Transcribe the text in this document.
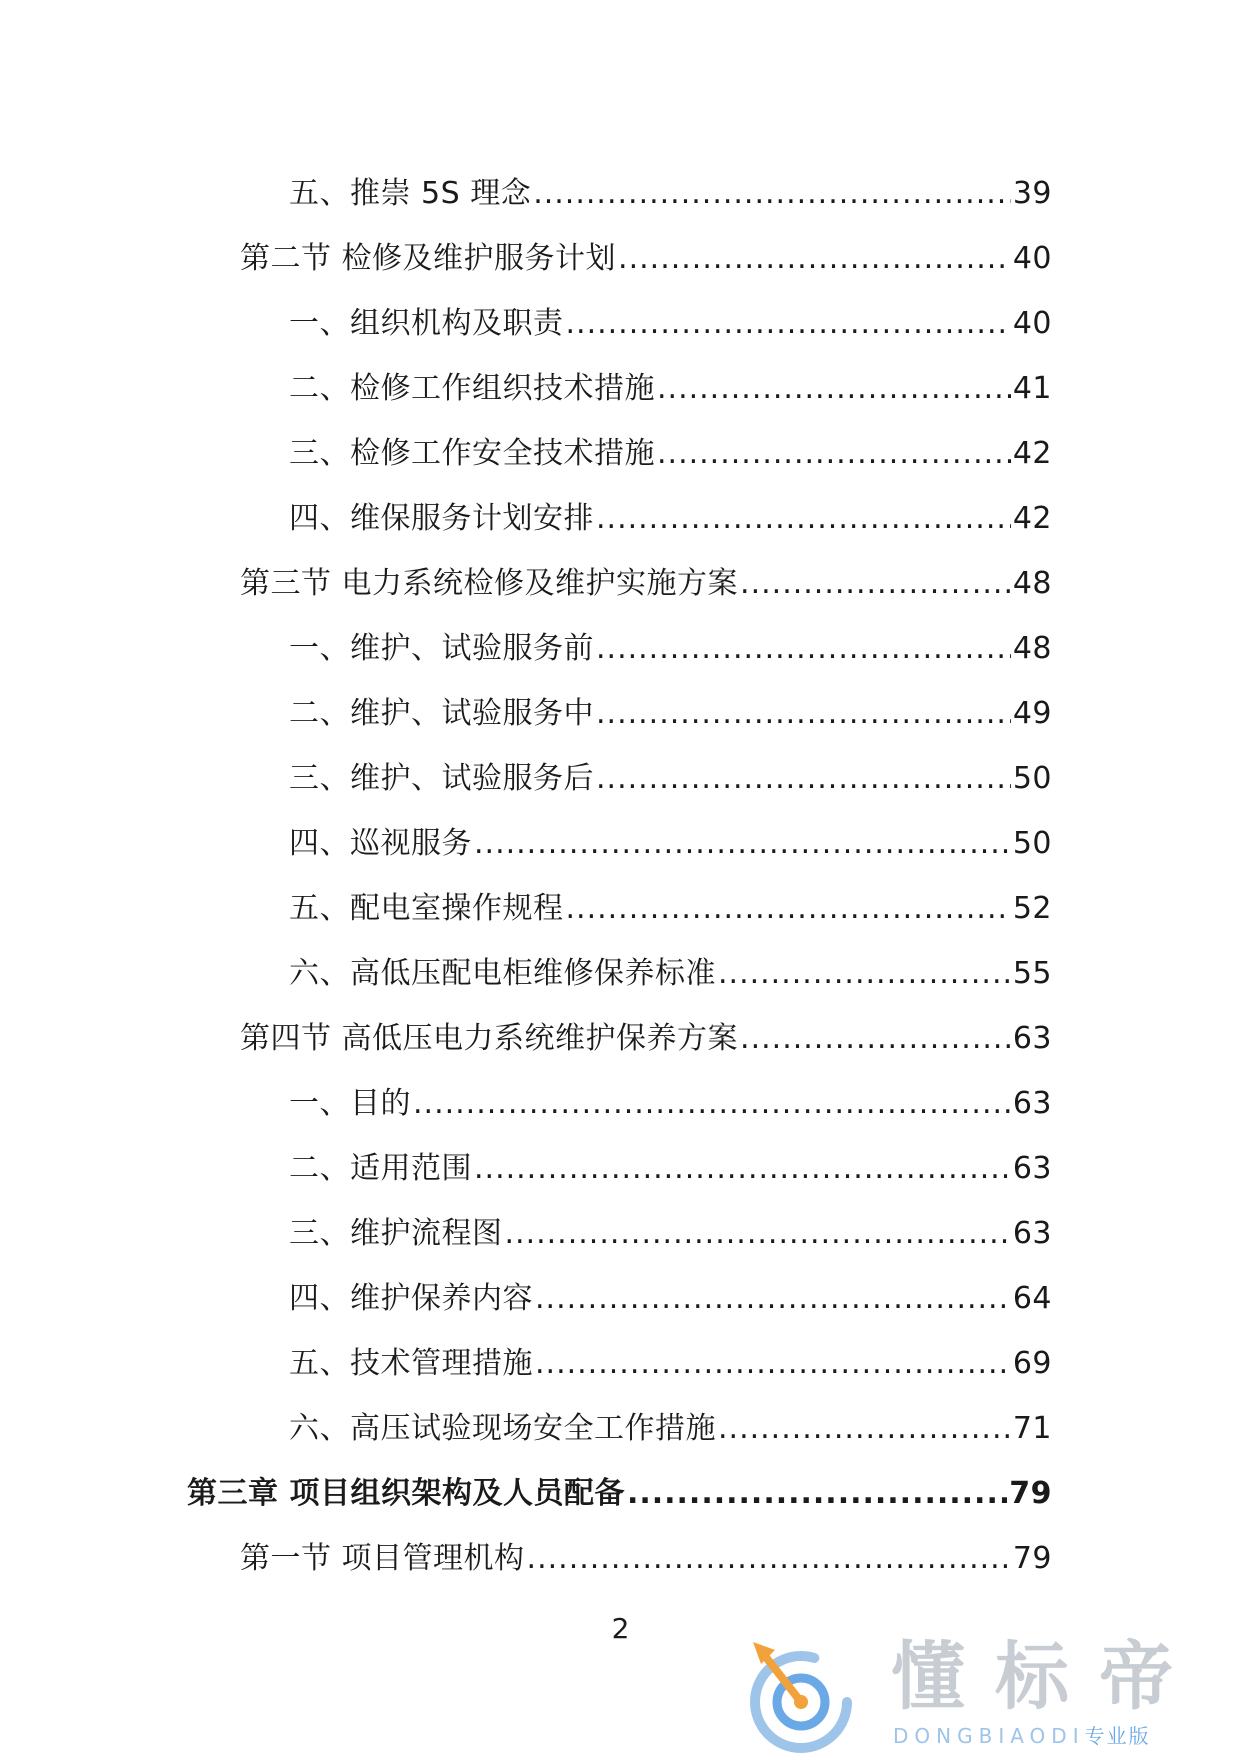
五、推崇 5S 理念 .....	39
第二节 检修及维护服务计划 .....	40
一、组织机构及职责 .....	40
二、检修工作组织技术措施 .....	41
三、检修工作安全技术措施 .....	42
四、维保服务计划安排 .....	42
第三节 电力系统检修及维护实施方案 .....	48
一、维护、试验服务前 .....	48
二、维护、试验服务中 .....	49
三、维护、试验服务后 .....	50
四、巡视服务 .....	50
五、配电室操作规程 .....	52
六、高低压配电柜维修保养标准 .....	55
第四节 高低压电力系统维护保养方案 .....	63
一、目的 .....	63
二、适用范围 .....	63
三、维护流程图 .....	63
四、维护保养内容 .....	64
五、技术管理措施 .....	69
六、高压试验现场安全工作措施 .....	71
第三章 项目组织架构及人员配备 .....	79
第一节 项目管理机构 .....	79
2
懂标帝
DONGBIAODI专业版
